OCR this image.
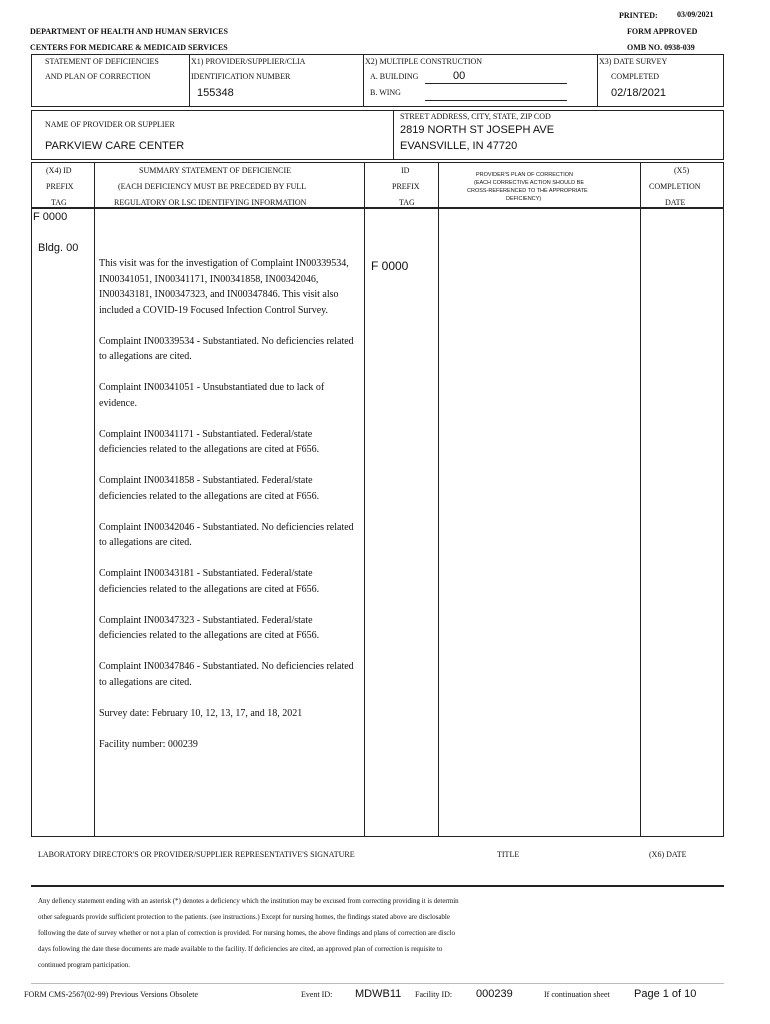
PRINTED: 03/09/2021
DEPARTMENT OF HEALTH AND HUMAN SERVICES
CENTERS FOR MEDICARE & MEDICAID SERVICES
FORM APPROVED
OMB NO. 0938-039
STATEMENT OF DEFICIENCIES
AND PLAN OF CORRECTION
X1) PROVIDER/SUPPLIER/CLIA
IDENTIFICATION NUMBER
155348
X2) MULTIPLE CONSTRUCTION
A. BUILDING	00
B. WING
X3) DATE SURVEY
COMPLETED
02/18/2021
NAME OF PROVIDER OR SUPPLIER
PARKVIEW CARE CENTER
STREET ADDRESS, CITY, STATE, ZIP COD
2819 NORTH ST JOSEPH AVE
EVANSVILLE, IN 47720
(X4) ID
PREFIX
TAG
SUMMARY STATEMENT OF DEFICIENCIE
(EACH DEFICIENCY MUST BE PRECEDED BY FULL
REGULATORY OR LSC IDENTIFYING INFORMATION
ID
PREFIX
TAG
PROVIDER'S PLAN OF CORRECTION
(EACH CORRECTIVE ACTION SHOULD BE
CROSS-REFERENCED TO THE APPROPRIATE
DEFICIENCY)
(X5)
COMPLETION
DATE
F 0000
Bldg. 00
F 0000

This visit was for the investigation of Complaint IN00339534, IN00341051, IN00341171, IN00341858, IN00342046, IN00343181, IN00347323, and IN00347846. This visit also included a COVID-19 Focused Infection Control Survey.

Complaint IN00339534 - Substantiated. No deficiencies related to allegations are cited.

Complaint IN00341051 - Unsubstantiated due to lack of evidence.

Complaint IN00341171 - Substantiated. Federal/state deficiencies related to the allegations are cited at F656.

Complaint IN00341858 - Substantiated. Federal/state deficiencies related to the allegations are cited at F656.

Complaint IN00342046 - Substantiated. No deficiencies related to allegations are cited.

Complaint IN00343181 - Substantiated. Federal/state deficiencies related to the allegations are cited at F656.

Complaint IN00347323 - Substantiated. Federal/state deficiencies related to the allegations are cited at F656.

Complaint IN00347846 - Substantiated. No deficiencies related to allegations are cited.

Survey date: February 10, 12, 13, 17, and 18, 2021

Facility number: 000239

LABORATORY DIRECTOR'S OR PROVIDER/SUPPLIER REPRESENTATIVE'S SIGNATURE	TITLE	(X6) DATE
Any defiency statement ending with an asterisk (*) denotes a deficiency which the institution may be excused from correcting providing it is determin
other safeguards provide sufficient protection to the patients. (see instructions.) Except for nursing homes, the findings stated above are disclosable
following the date of survey whether or not a plan of correction is provided. For nursing homes, the above findings and plans of correction are disclo
days following the date these documents are made available to the facility. If deficiencies are cited, an approved plan of correction is requisite to
continued program participation.
FORM CMS-2567(02-99) Previous Versions Obsolete	Event ID: MDWB11 Facility ID: 000239	If continuation sheet Page 1 of 10
